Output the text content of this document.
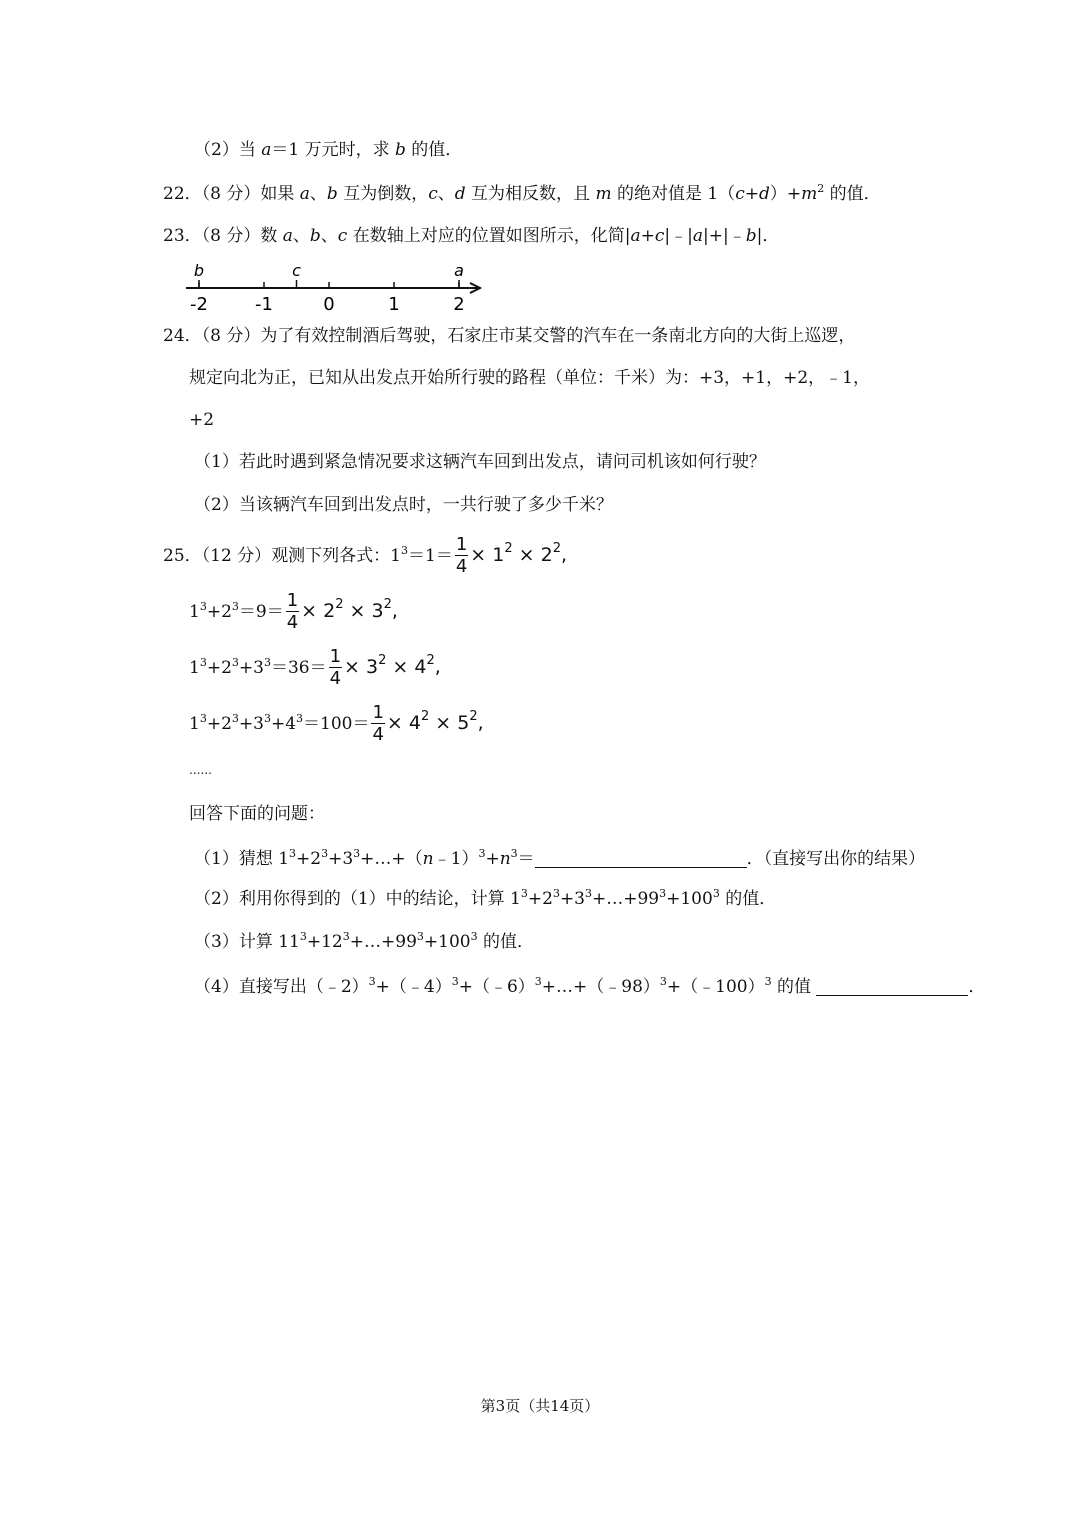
（2）当 a＝1 万元时，求 b 的值．
22．（8 分）如果 a、b 互为倒数，c、d 互为相反数，且 m 的绝对值是 $1(c+d)+m^2$ 的值．
23．（8 分）数 a、b、c 在数轴上对应的位置如图所示，化简|a+c|﹣|a|+|﹣b|．
-2	-1	0	1	2
b	c	a
24．（8 分）为了有效控制酒后驾驶，石家庄市某交警的汽车在一条南北方向的大街上巡逻，
规定向北为正，已知从出发点开始所行驶的路程（单位：千米）为：+3，+1，+2，﹣1，
+2
（1）若此时遇到紧急情况要求这辆汽车回到出发点，请问司机该如何行驶？
（2）当该辆汽车回到出发点时，一共行驶了多少千米？
25．（12 分）观测下列各式：$1^3=1= \frac{1}{4} \times 1^2 \times 2^2$,
$1^3+2^3=9= \frac{1}{4} \times 2^2 \times 3^2$,
$1^3+2^3+3^3=36= \frac{1}{4} \times 3^2 \times 4^2$,
$1^3+2^3+3^3+4^3=100= \frac{1}{4} \times 4^2 \times 5^2$,
......
回答下面的问题：
（1）猜想 $1^3+2^3+3^3+\dots+(n﹣1)^3+n^3=$	．（直接写出你的结果）
（2）利用你得到的（1）中的结论，计算 $1^3+2^3+3^3+\dots+99^3+100^3$ 的值．
（3）计算 $11^3+12^3+\dots+99^3+100^3$ 的值．
（4）直接写出（﹣2）$^3$+（﹣4）$^3$+（﹣6）$^3$+…+（﹣98）$^3$+（﹣100）$^3$ 的值	．
第3页（共14页）
